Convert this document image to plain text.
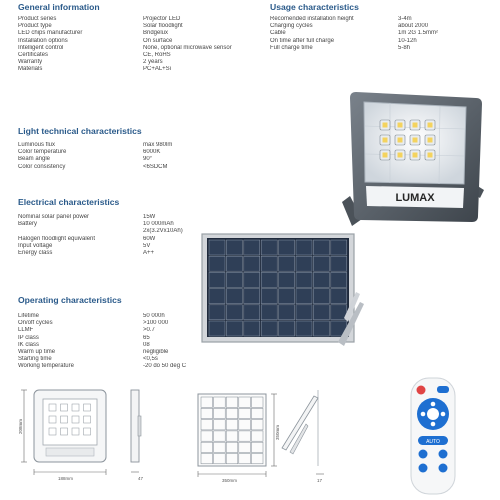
General information
Product series	Projector LED
Product type	Solar floodlight
LED chips manufacturer	Bridgelux
Installation options	On surface
Intelligent control	None, optional microwave sensor
Certificates	CE, RoHS
Warranty	2 years
Materials	PC+AL+Si
Usage characteristics
Recomended installation height	3-4m
Charging cycles	about 2000
Cable	1m 2G 1.5mm²
On time after full charge	10-12h
Full charge time	5-8h
Light technical characteristics
Luminous flux	max 980lm
Color temperature	6000K
Beam angle	90°
Color consistency	<6SDCM
Electrical characteristics
Nominal solar panel power	15W
Battery	10 000mAh
2x(3.2Vx10Ah)
Halogen floodlight equivalent	60W
Input voltage	5V
Energy class	A++
Operating characteristics
Lifetime	50 000h
On/off cycles	>100 000
LLMF	>0.7
IP class	65
IK class	08
Warm up time	negligible
Starting time	<0,5s
Working temperature	-20 do 50 deg C
LUMAX
AUTO
208mm
188mm	47
350mm
350mm	17
